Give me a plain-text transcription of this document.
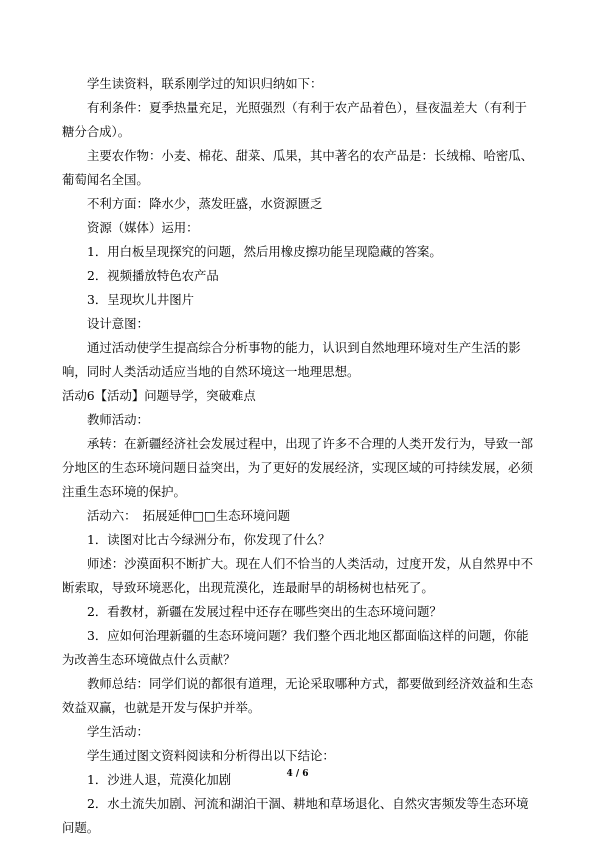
学生读资料，联系刚学过的知识归纳如下：

有利条件：夏季热量充足，光照强烈（有利于农产品着色），昼夜温差大（有利于糖分合成）。

主要农作物：小麦、棉花、甜菜、瓜果，其中著名的农产品是：长绒棉、哈密瓜、葡萄闻名全国。

不利方面：降水少，蒸发旺盛，水资源匮乏

资源（媒体）运用：

1．用白板呈现探究的问题，然后用橡皮擦功能呈现隐藏的答案。

2．视频播放特色农产品

3．呈现坎儿井图片

设计意图：

通过活动使学生提高综合分析事物的能力，认识到自然地理环境对生产生活的影响，同时人类活动适应当地的自然环境这一地理思想。

活动6【活动】问题导学，突破难点

教师活动：

承转：在新疆经济社会发展过程中，出现了许多不合理的人类开发行为，导致一部分地区的生态环境问题日益突出，为了更好的发展经济，实现区域的可持续发展，必须注重生态环境的保护。

活动六：　拓展延伸□□生态环境问题

1．读图对比古今绿洲分布，你发现了什么？

师述：沙漠面积不断扩大。现在人们不恰当的人类活动，过度开发，从自然界中不断索取，导致环境恶化，出现荒漠化，连最耐旱的胡杨树也枯死了。

2．看教材，新疆在发展过程中还存在哪些突出的生态环境问题？

3．应如何治理新疆的生态环境问题？我们整个西北地区都面临这样的问题，你能为改善生态环境做点什么贡献？

教师总结：同学们说的都很有道理，无论采取哪种方式，都要做到经济效益和生态效益双赢，也就是开发与保护并举。

学生活动：

学生通过图文资料阅读和分析得出以下结论：

1．沙进人退，荒漠化加剧

2．水土流失加剧、河流和湖泊干涸、耕地和草场退化、自然灾害频发等生态环境问题。

4 / 6
